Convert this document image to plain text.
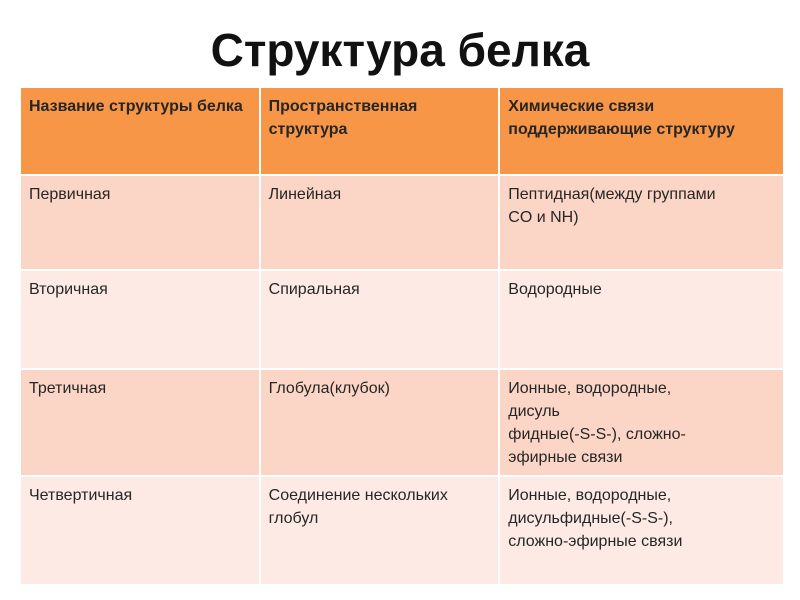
Структура белка
Название структуры белка	Пространственная структура	Химические связи поддерживающие структуру
Первичная	Линейная	Пептидная(между группами
CO и NH)

Вторичная	Спиральная	Водородные

Третичная	Глобула(клубок)	Ионные, водородные,
дисуль
фидные(-S-S-), сложно-
эфирные связи

Четвертичная	Соединение нескольких глобул	Ионные, водородные,
дисульфидные(-S-S-),
сложно-эфирные связи
